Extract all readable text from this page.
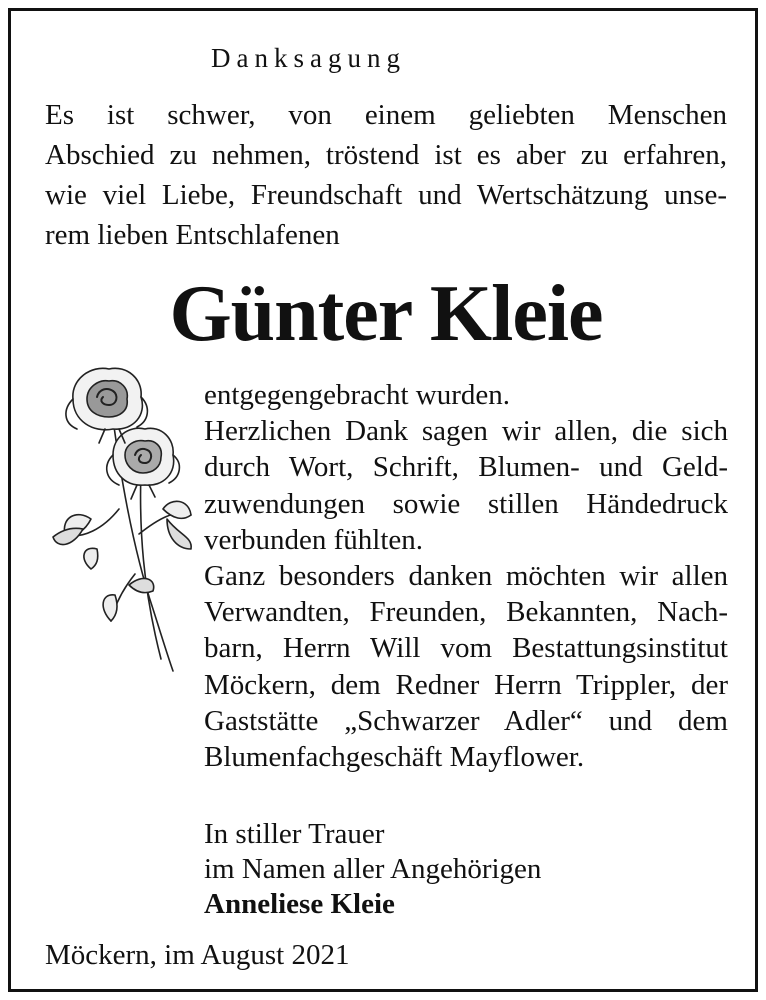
Danksagung

Es ist schwer, von einem geliebten Menschen

Abschied zu nehmen, tröstend ist es aber zu erfahren,

wie viel Liebe, Freundschaft und Wertschätzung unse-

rem lieben Entschlafenen

Günter Kleie
entgegengebracht wurden.
Herzlichen Dank sagen wir allen, die sich
durch Wort, Schrift, Blumen- und Geld-
zuwendungen sowie stillen Händedruck
verbunden fühlten.
Ganz besonders danken möchten wir allen
Verwandten, Freunden, Bekannten, Nach-
barn, Herrn Will vom Bestattungsinstitut
Möckern, dem Redner Herrn Trippler, der
Gaststätte „Schwarzer Adler“ und dem
Blumenfachgeschäft Mayflower.
In stiller Trauer
im Namen aller Angehörigen
Anneliese Kleie
Möckern, im August 2021
